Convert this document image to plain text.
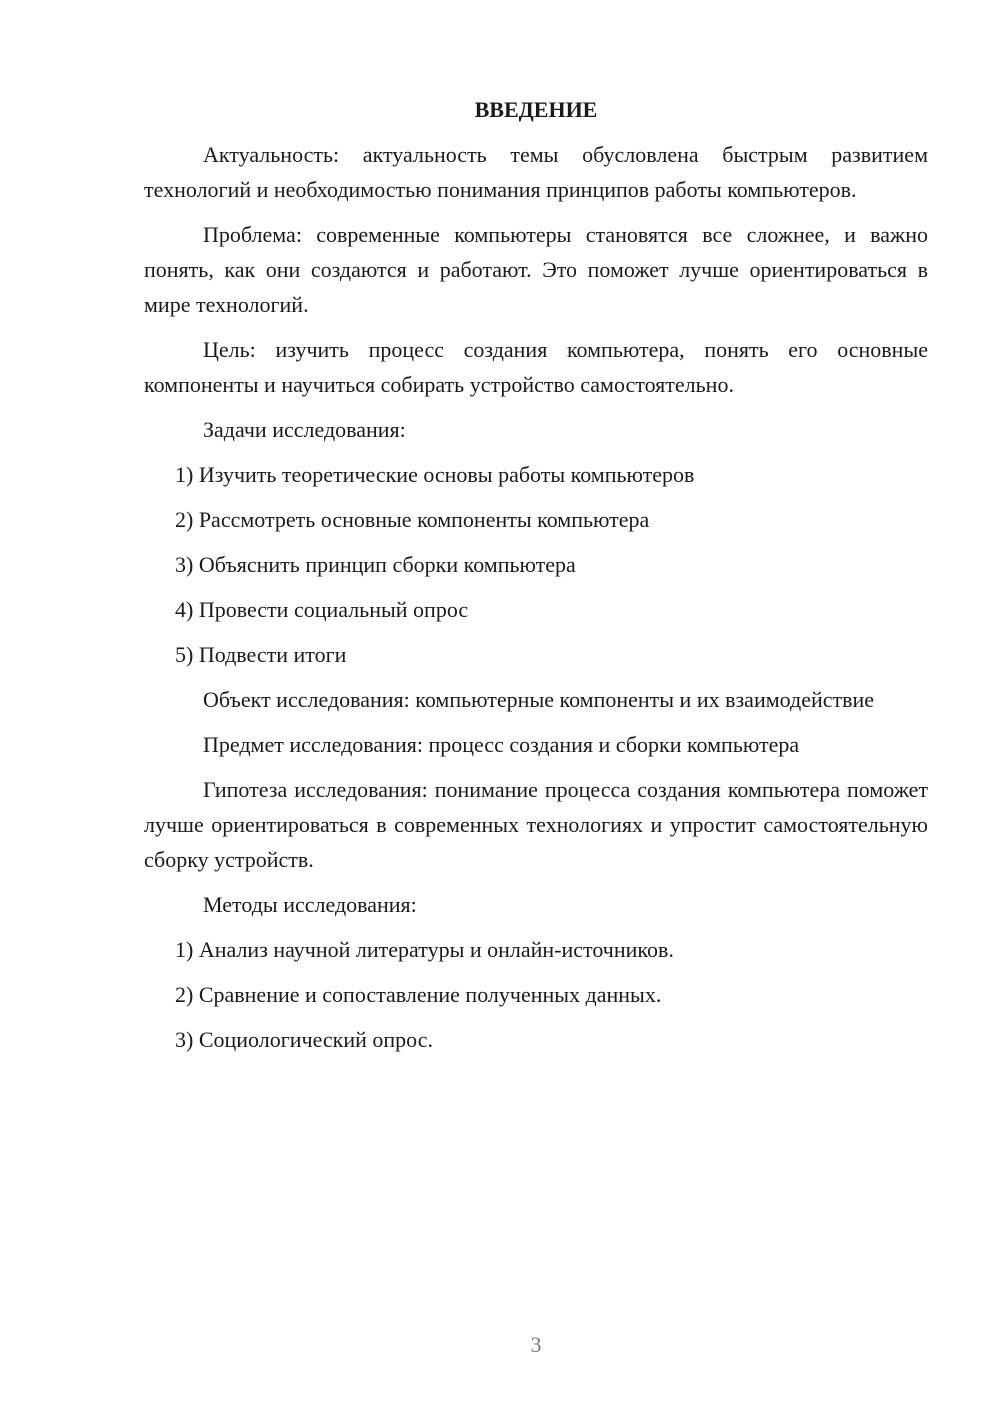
ВВЕДЕНИЕ

Актуальность: актуальность темы обусловлена быстрым развитием технологий и необходимостью понимания принципов работы компьютеров.

Проблема: современные компьютеры становятся все сложнее, и важно понять, как они создаются и работают. Это поможет лучше ориентироваться в мире технологий.

Цель: изучить процесс создания компьютера, понять его основные компоненты и научиться собирать устройство самостоятельно.

Задачи исследования:

1) Изучить теоретические основы работы компьютеров

2) Рассмотреть основные компоненты компьютера

3) Объяснить принцип сборки компьютера

4) Провести социальный опрос

5) Подвести итоги

Объект исследования: компьютерные компоненты и их взаимодействие

Предмет исследования: процесс создания и сборки компьютера

Гипотеза исследования: понимание процесса создания компьютера поможет лучше ориентироваться в современных технологиях и упростит самостоятельную сборку устройств.

Методы исследования:

1) Анализ научной литературы и онлайн-источников.

2) Сравнение и сопоставление полученных данных.

3) Социологический опрос.

3
